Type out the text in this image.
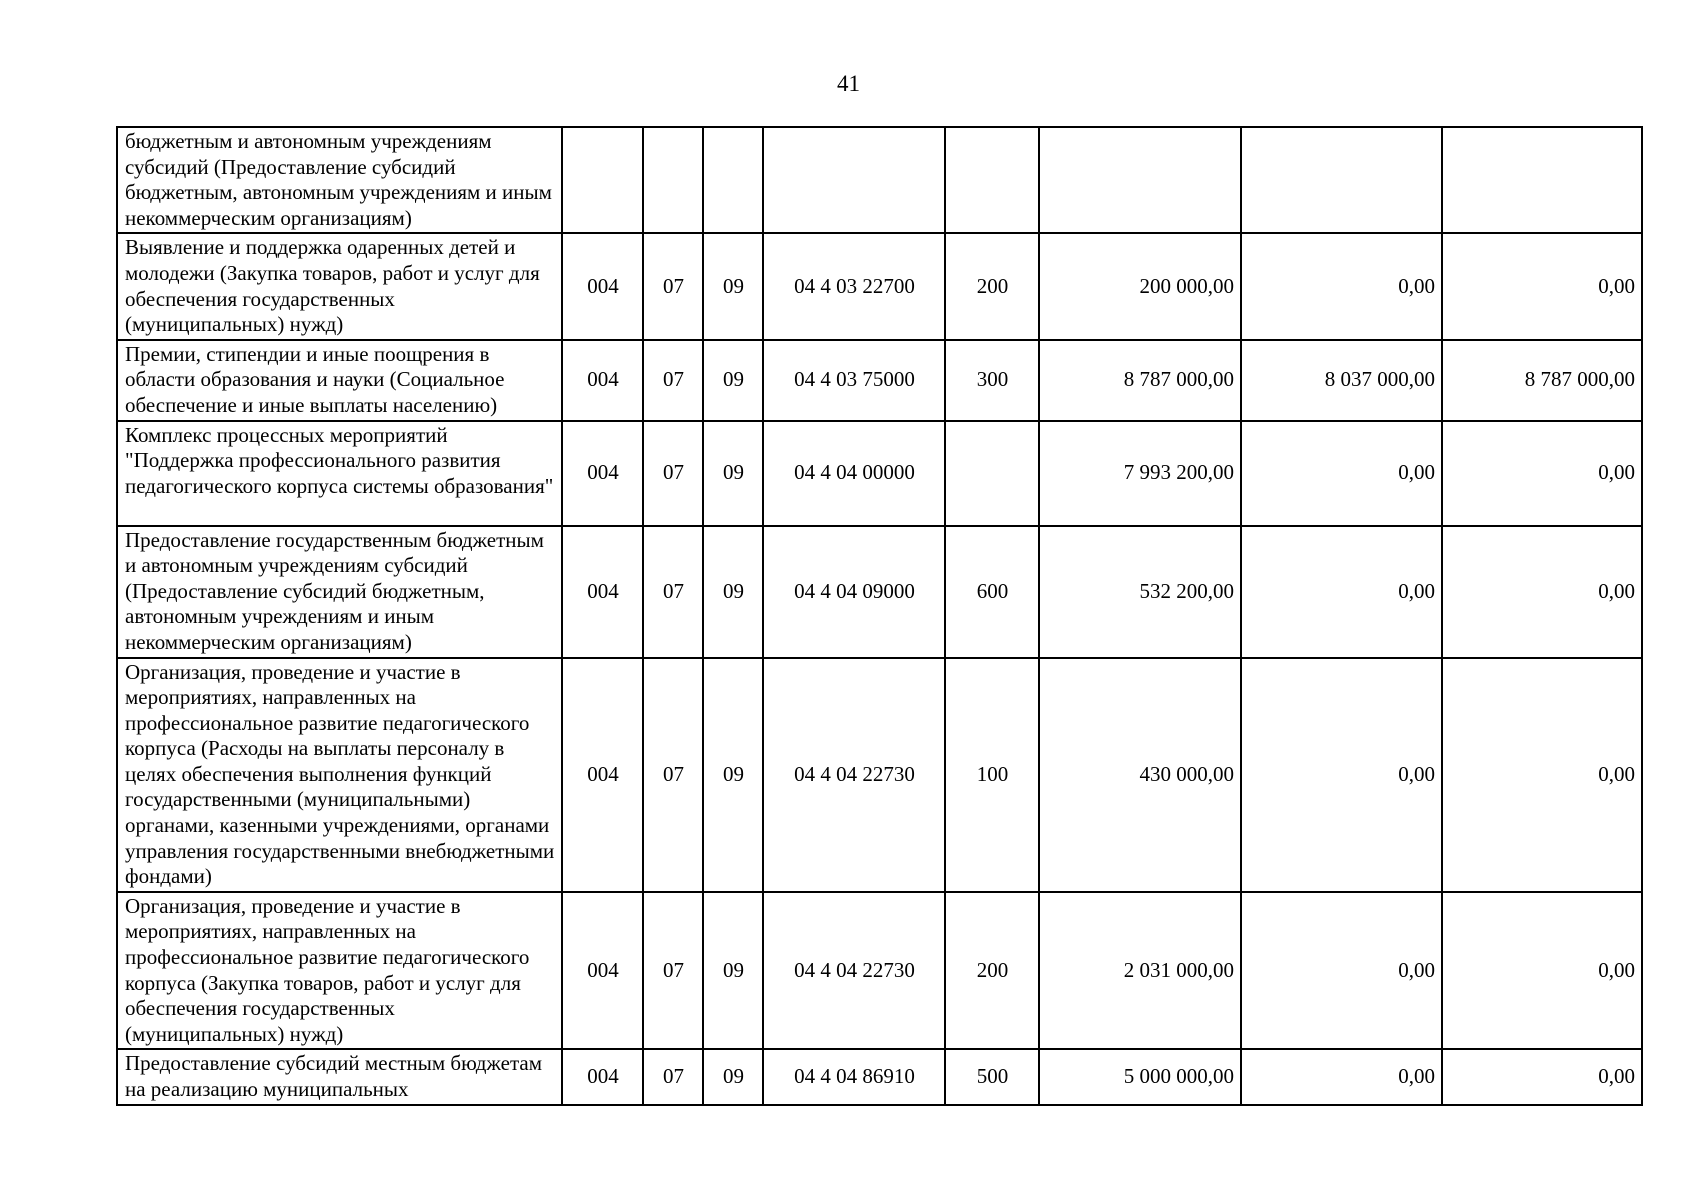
41
бюджетным и автономным учреждениям субсидий (Предоставление субсидий бюджетным, автономным учреждениям и иным некоммерческим организациям)								
Выявление и поддержка одаренных детей и молодежи (Закупка товаров, работ и услуг для обеспечения государственных (муниципальных) нужд)	004	07	09	04 4 03 22700	200	200 000,00	0,00	0,00
Премии, стипендии и иные поощрения в области образования и науки (Социальное обеспечение и иные выплаты населению)	004	07	09	04 4 03 75000	300	8 787 000,00	8 037 000,00	8 787 000,00
Комплекс процессных мероприятий "Поддержка профессионального развития педагогического корпуса системы образования"	004	07	09	04 4 04 00000		7 993 200,00	0,00	0,00
Предоставление государственным бюджетным и автономным учреждениям субсидий (Предоставление субсидий бюджетным, автономным учреждениям и иным некоммерческим организациям)	004	07	09	04 4 04 09000	600	532 200,00	0,00	0,00
Организация, проведение и участие в мероприятиях, направленных на профессиональное развитие педагогического корпуса (Расходы на выплаты персоналу в целях обеспечения выполнения функций государственными (муниципальными) органами, казенными учреждениями, органами управления государственными внебюджетными фондами)	004	07	09	04 4 04 22730	100	430 000,00	0,00	0,00
Организация, проведение и участие в мероприятиях, направленных на профессиональное развитие педагогического корпуса (Закупка товаров, работ и услуг для обеспечения государственных (муниципальных) нужд)	004	07	09	04 4 04 22730	200	2 031 000,00	0,00	0,00
Предоставление субсидий местным бюджетам на реализацию муниципальных	004	07	09	04 4 04 86910	500	5 000 000,00	0,00	0,00
